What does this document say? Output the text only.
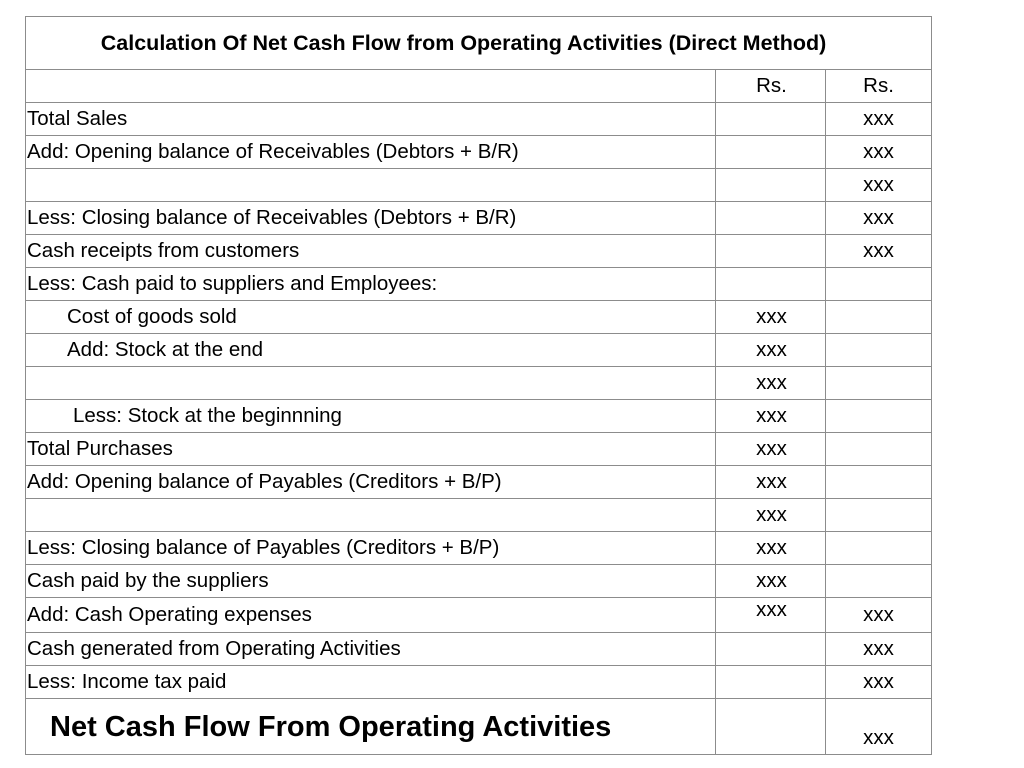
Calculation Of Net Cash Flow from Operating Activities (Direct Method)		
	Rs.	Rs.
Total Sales		xxx
Add: Opening balance of Receivables (Debtors + B/R)		xxx
		xxx
Less: Closing balance of Receivables (Debtors + B/R)		xxx
Cash receipts from customers		xxx
Less: Cash paid to suppliers and Employees:		
Cost of goods sold	xxx	
Add: Stock at the end	xxx	
	xxx	
Less: Stock at the beginnning	xxx	
Total Purchases	xxx	
Add: Opening balance of Payables (Creditors + B/P)	xxx	
	xxx	
Less: Closing balance of Payables (Creditors + B/P)	xxx	
Cash paid by the suppliers	xxx	
Add: Cash Operating expenses	xxx	xxx
Cash generated from Operating Activities		xxx
Less: Income tax paid		xxx
Net Cash Flow From Operating Activities		xxx
